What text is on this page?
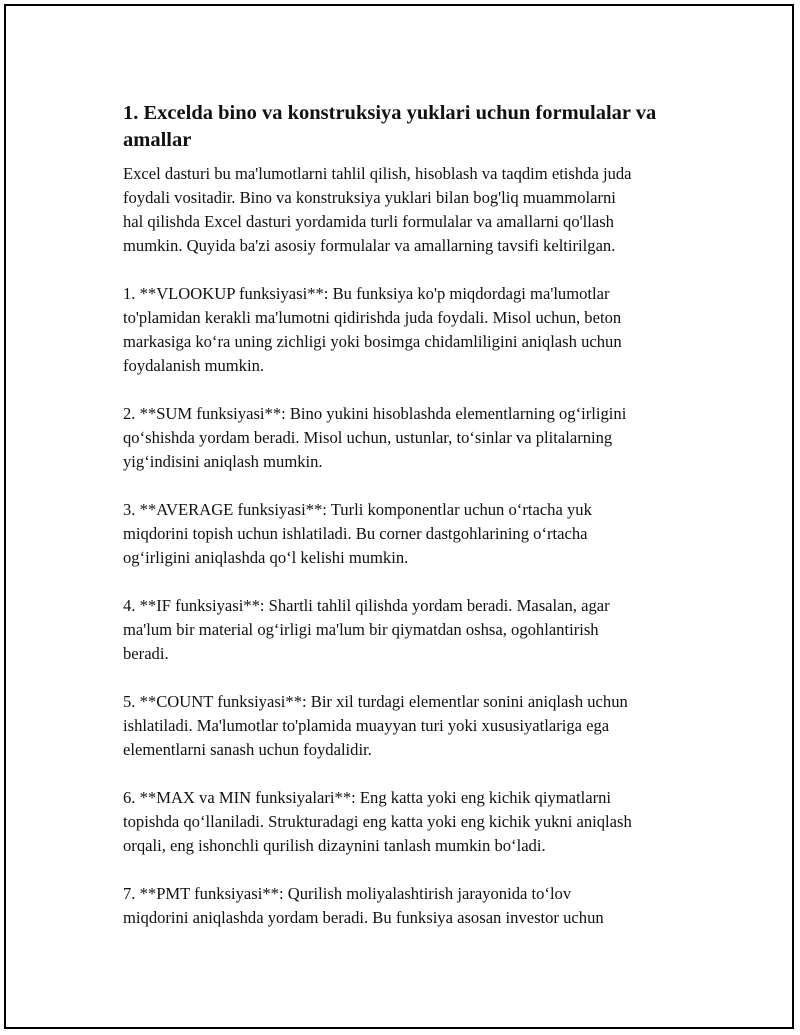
1. Excelda bino va konstruksiya yuklari uchun formulalar va
amallar
Excel dasturi bu ma'lumotlarni tahlil qilish, hisoblash va taqdim etishda juda
foydali vositadir. Bino va konstruksiya yuklari bilan bog'liq muammolarni
hal qilishda Excel dasturi yordamida turli formulalar va amallarni qo'llash
mumkin. Quyida ba'zi asosiy formulalar va amallarning tavsifi keltirilgan.
1. **VLOOKUP funksiyasi**: Bu funksiya ko'p miqdordagi ma'lumotlar
to'plamidan kerakli ma'lumotni qidirishda juda foydali. Misol uchun, beton
markasiga ko‘ra uning zichligi yoki bosimga chidamliligini aniqlash uchun
foydalanish mumkin.
2. **SUM funksiyasi**: Bino yukini hisoblashda elementlarning og‘irligini
qo‘shishda yordam beradi. Misol uchun, ustunlar, to‘sinlar va plitalarning
yig‘indisini aniqlash mumkin.
3. **AVERAGE funksiyasi**: Turli komponentlar uchun o‘rtacha yuk
miqdorini topish uchun ishlatiladi. Bu corner dastgohlarining o‘rtacha
og‘irligini aniqlashda qo‘l kelishi mumkin.
4. **IF funksiyasi**: Shartli tahlil qilishda yordam beradi. Masalan, agar
ma'lum bir material og‘irligi ma'lum bir qiymatdan oshsa, ogohlantirish
beradi.
5. **COUNT funksiyasi**: Bir xil turdagi elementlar sonini aniqlash uchun
ishlatiladi. Ma'lumotlar to'plamida muayyan turi yoki xususiyatlariga ega
elementlarni sanash uchun foydalidir.
6. **MAX va MIN funksiyalari**: Eng katta yoki eng kichik qiymatlarni
topishda qo‘llaniladi. Strukturadagi eng katta yoki eng kichik yukni aniqlash
orqali, eng ishonchli qurilish dizaynini tanlash mumkin bo‘ladi.
7. **PMT funksiyasi**: Qurilish moliyalashtirish jarayonida to‘lov
miqdorini aniqlashda yordam beradi. Bu funksiya asosan investor uchun
